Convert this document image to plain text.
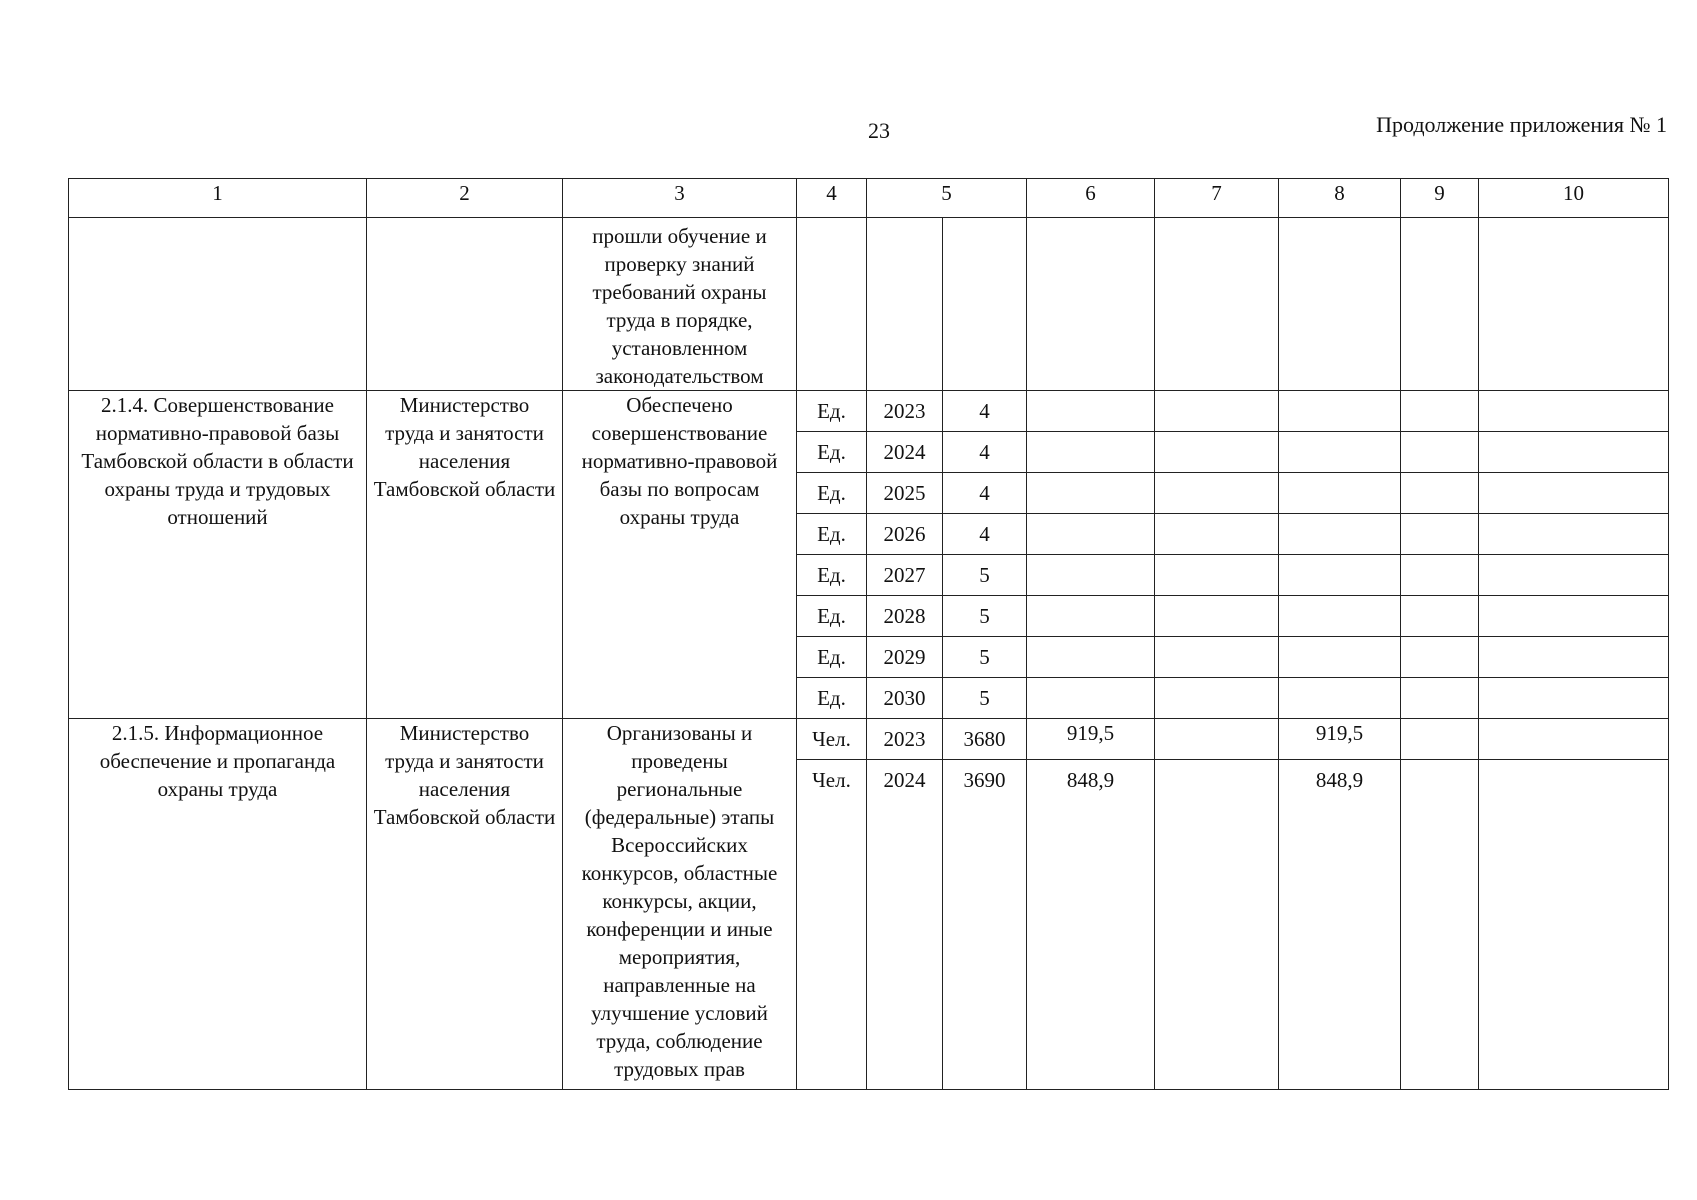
23	Продолжение приложения № 1
1	2	3	4	5		6	7	8	9	10
		прошли обучение и проверку знаний требований охраны труда в порядке, установленном законодательством								
2.1.4. Совершенствование нормативно-правовой базы Тамбовской области в области охраны труда и трудовых отношений	Министерство труда и занятости населения Тамбовской области	Обеспечено совершенствование нормативно-правовой базы по вопросам охраны труда	Ед.	2023	4					
			Ед.	2024	4					
			Ед.	2025	4					
			Ед.	2026	4					
			Ед.	2027	5					
			Ед.	2028	5					
			Ед.	2029	5					
			Ед.	2030	5					
2.1.5. Информационное обеспечение и пропаганда охраны труда	Министерство труда и занятости населения Тамбовской области	Организованы и проведены региональные (федеральные) этапы Всероссийских конкурсов, областные конкурсы, акции, конференции и иные мероприятия, направленные на улучшение условий труда, соблюдение трудовых прав	Чел.	2023	3680	919,5		919,5		
			Чел.	2024	3690	848,9		848,9		
